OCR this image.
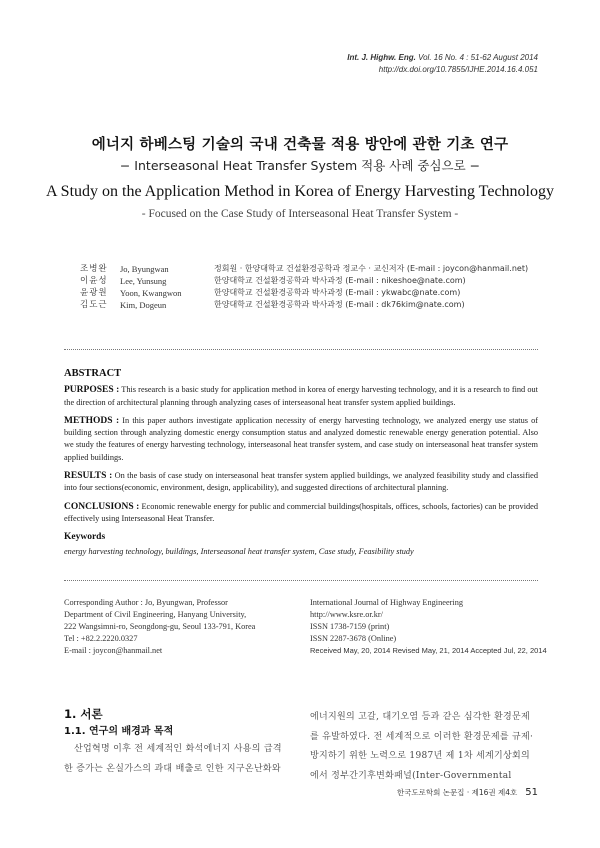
Int. J. Highw. Eng. Vol. 16 No. 4 : 51-62 August 2014
http://dx.doi.org/10.7855/IJHE.2014.16.4.051
에너지 하베스팅 기술의 국내 건축물 적용 방안에 관한 기초 연구
− Interseasonal Heat Transfer System 적용 사례 중심으로 −
A Study on the Application Method in Korea of Energy Harvesting Technology
- Focused on the Case Study of Interseasonal Heat Transfer System -
조병완	Jo, Byungwan	정회원 · 한양대학교 건설환경공학과 정교수 · 교신저자 (E-mail : joycon@hanmail.net)
이윤성	Lee, Yunsung	한양대학교 건설환경공학과 박사과정 (E-mail : nikeshoe@nate.com)
윤광원	Yoon, Kwangwon	한양대학교 건설환경공학과 박사과정 (E-mail : ykwabc@nate.com)
김도근	Kim, Dogeun	한양대학교 건설환경공학과 박사과정 (E-mail : dk76kim@nate.com)
ABSTRACT

PURPOSES : This research is a basic study for application method in korea of energy harvesting technology, and it is a research to find out the direction of architectural planning through analyzing cases of interseasonal heat transfer system applied buildings.

METHODS : In this paper authors investigate application necessity of energy harvesting technology, we analyzed energy use status of building section through analyzing domestic energy consumption status and analyzed domestic renewable energy generation potential. Also we study the features of energy harvesting technology, interseasonal heat transfer system, and case study on interseasonal heat transfer system applied buildings.

RESULTS : On the basis of case study on interseasonal heat transfer system applied buildings, we analyzed feasibility study and classified into four sections(economic, environment, design, applicability), and suggested directions of architectural planning.

CONCLUSIONS : Economic renewable energy for public and commercial buildings(hospitals, offices, schools, factories) can be provided effectively using Interseasonal Heat Transfer.

Keywords
energy harvesting technology, buildings, Interseasonal heat transfer system, Case study, Feasibility study
Corresponding Author : Jo, Byungwan, Professor
Department of Civil Engineering, Hanyang University,
222 Wangsimni-ro, Seongdong-gu, Seoul 133-791, Korea
Tel : +82.2.2220.0327
E-mail : joycon@hanmail.net
International Journal of Highway Engineering
http://www.ksre.or.kr/
ISSN 1738-7159 (print)
ISSN 2287-3678 (Online)
Received May, 20, 2014 Revised May, 21, 2014 Accepted Jul, 22, 2014
1. 서론
1.1. 연구의 배경과 목적
산업혁명 이후 전 세계적인 화석에너지 사용의 급격한 증가는 온실가스의 과대 배출로 인한 지구온난화와
에너지원의 고갈, 대기오염 등과 같은 심각한 환경문제를 유발하였다. 전 세계적으로 이러한 환경문제를 규제·방지하기 위한 노력으로 1987년 제 1차 세계기상회의에서 정부간기후변화패널(Inter-Governmental
한국도로학회 논문집 · 제16권 제4호 51
